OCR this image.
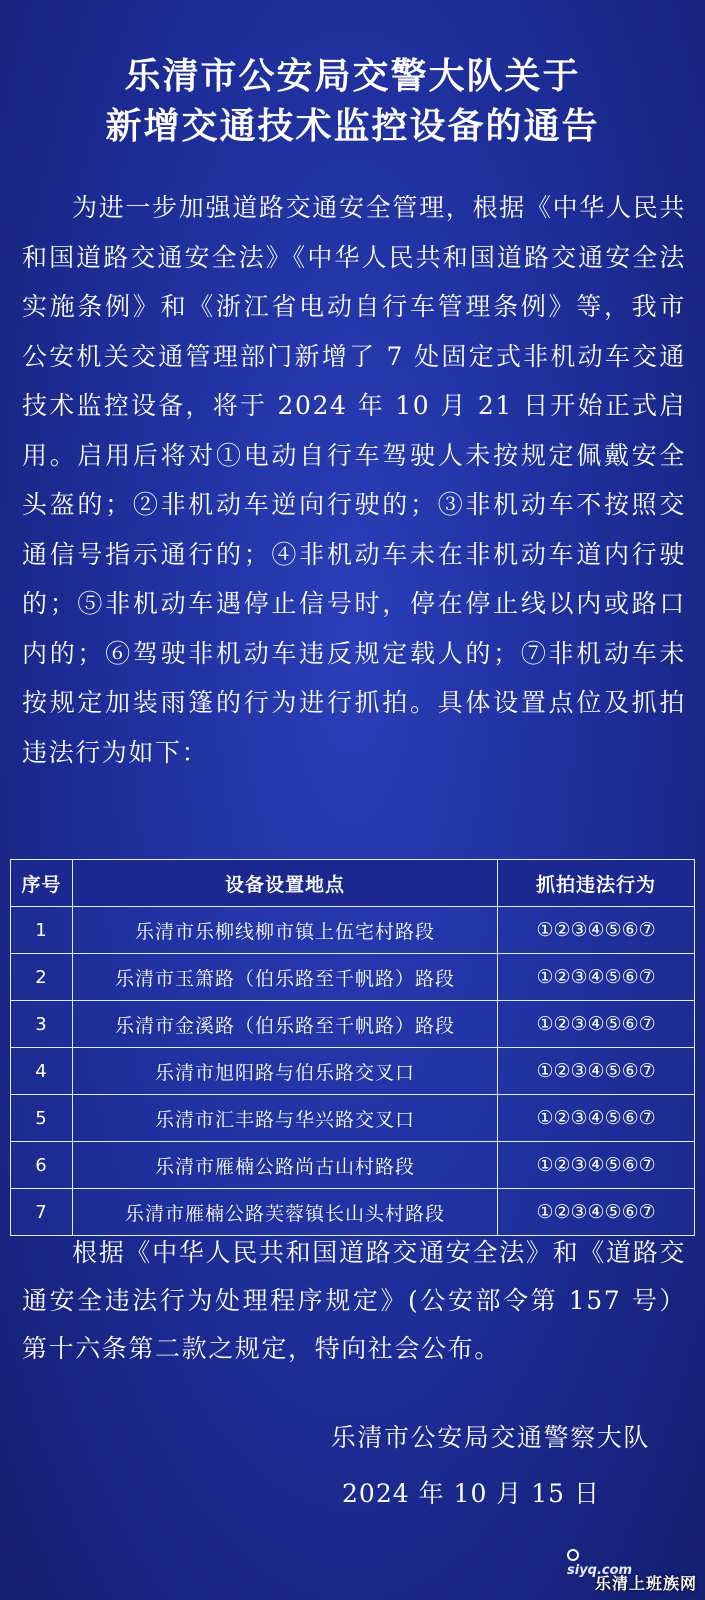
乐清市公安局交警大队关于
新增交通技术监控设备的通告

为进一步加强道路交通安全管理，根据《中华人民共和国道路交通安全法》《中华人民共和国道路交通安全法实施条例》和《浙江省电动自行车管理条例》等，我市公安机关交通管理部门新增了 7 处固定式非机动车交通技术监控设备，将于 2024 年 10 月 21 日开始正式启用。启用后将对①电动自行车驾驶人未按规定佩戴安全头盔的；②非机动车逆向行驶的；③非机动车不按照交通信号指示通行的；④非机动车未在非机动车道内行驶的；⑤非机动车遇停止信号时，停在停止线以内或路口内的；⑥驾驶非机动车违反规定载人的；⑦非机动车未按规定加装雨篷的行为进行抓拍。具体设置点位及抓拍违法行为如下：

序号	设备设置地点	抓拍违法行为
1	乐清市乐柳线柳市镇上伍宅村路段	①②③④⑤⑥⑦
2	乐清市玉箫路（伯乐路至千帆路）路段	①②③④⑤⑥⑦
3	乐清市金溪路（伯乐路至千帆路）路段	①②③④⑤⑥⑦
4	乐清市旭阳路与伯乐路交叉口	①②③④⑤⑥⑦
5	乐清市汇丰路与华兴路交叉口	①②③④⑤⑥⑦
6	乐清市雁楠公路尚古山村路段	①②③④⑤⑥⑦
7	乐清市雁楠公路芙蓉镇长山头村路段	①②③④⑤⑥⑦

根据《中华人民共和国道路交通安全法》和《道路交通安全违法行为处理程序规定》(公安部令第 157 号）第十六条第二款之规定，特向社会公布。

乐清市公安局交通警察大队
2024 年 10 月 15 日
siyq.com
乐清上班族网
